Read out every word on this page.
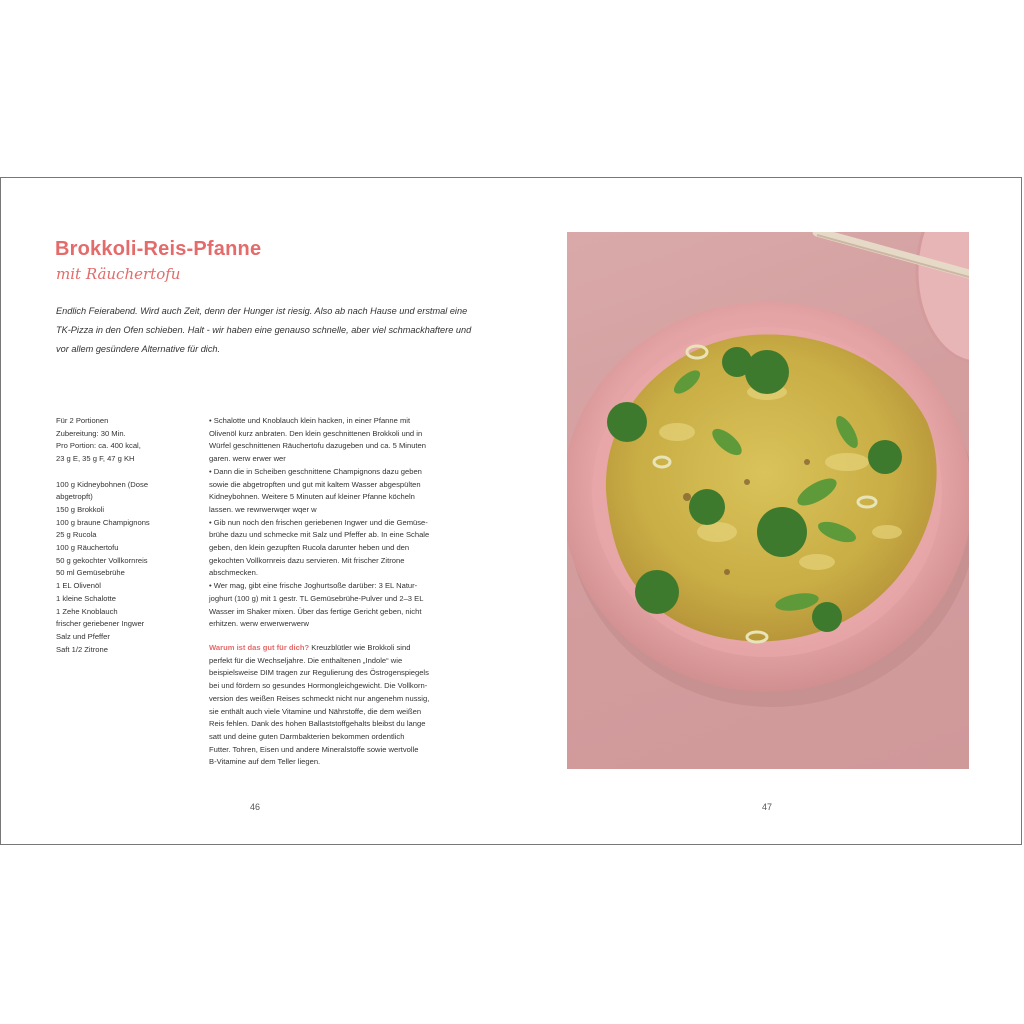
Brokkoli-Reis-Pfanne
mit Räuchertofu
Endlich Feierabend. Wird auch Zeit, denn der Hunger ist riesig. Also ab nach Hause und erstmal eine
TK-Pizza in den Ofen schieben. Halt - wir haben eine genauso schnelle, aber viel schmackhaftere und
vor allem gesündere Alternative für dich.
Für 2 Portionen
Zubereitung: 30 Min.
Pro Portion: ca. 400 kcal,
23 g E, 35 g F, 47 g KH
100 g Kidneybohnen (Dose
abgetropft)
150 g Brokkoli
100 g braune Champignons
25 g Rucola
100 g Räuchertofu
50 g gekochter Vollkornreis
50 ml Gemüsebrühe
1 EL Olivenöl
1 kleine Schalotte
1 Zehe Knoblauch
frischer geriebener Ingwer
Salz und Pfeffer
Saft 1/2 Zitrone
• Schalotte und Knoblauch klein hacken, in einer Pfanne mit
Olivenöl kurz anbraten. Den klein geschnittenen Brokkoli und in
Würfel geschnittenen Räuchertofu dazugeben und ca. 5 Minuten
garen. werw erwer wer
• Dann die in Scheiben geschnittene Champignons dazu geben
sowie die abgetropften und gut mit kaltem Wasser abgespülten
Kidneybohnen. Weitere 5 Minuten auf kleiner Pfanne köcheln
lassen. we rewrwerwqer wqer w
• Gib nun noch den frischen geriebenen Ingwer und die Gemüse-
brühe dazu und schmecke mit Salz und Pfeffer ab. In eine Schale
geben, den klein gezupften Rucola darunter heben und den
gekochten Vollkornreis dazu servieren. Mit frischer Zitrone
abschmecken.
• Wer mag, gibt eine frische Joghurtsoße darüber: 3 EL Natur-
joghurt (100 g) mit 1 gestr. TL Gemüsebrühe-Pulver und 2–3 EL
Wasser im Shaker mixen. Über das fertige Gericht geben, nicht
erhitzen. werw erwerwerwerw
Warum ist das gut für dich? Kreuzblütler wie Brokkoli sind
perfekt für die Wechseljahre. Die enthaltenen „Indole“ wie
beispielsweise DIM tragen zur Regulierung des Östrogenspiegels
bei und fördern so gesundes Hormongleichgewicht. Die Vollkorn-
version des weißen Reises schmeckt nicht nur angenehm nussig,
sie enthält auch viele Vitamine und Nährstoffe, die dem weißen
Reis fehlen. Dank des hohen Ballaststoffgehalts bleibst du lange
satt und deine guten Darmbakterien bekommen ordentlich
Futter. Tohren, Eisen und andere Mineralstoffe sowie wertvolle
B-Vitamine auf dem Teller liegen.
46	47
